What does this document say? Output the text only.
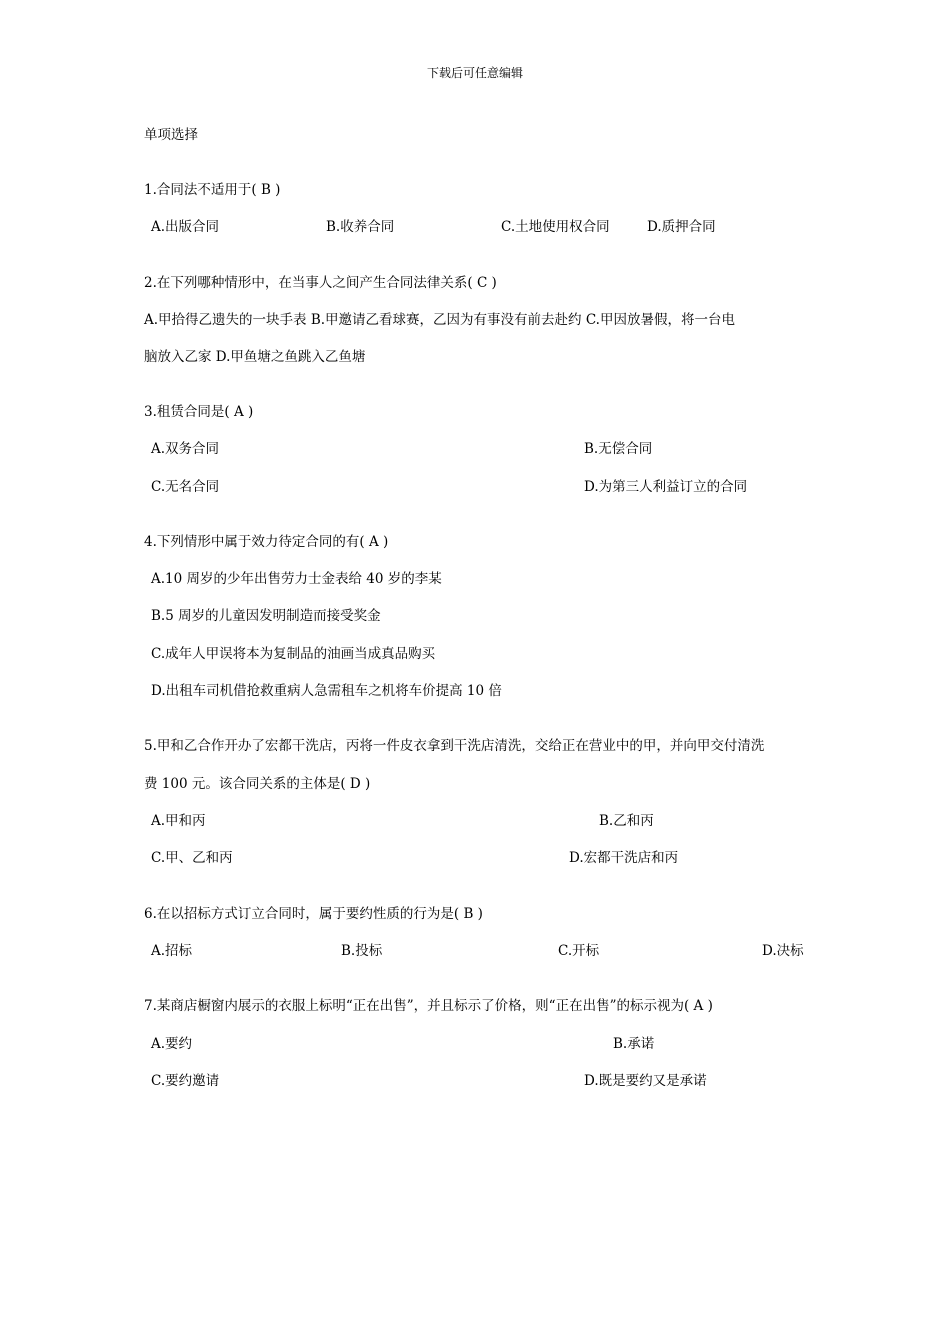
下载后可任意编辑
单项选择
1.合同法不适用于( B )
A.出版合同	B.收养合同	C.土地使用权合同	D.质押合同
2.在下列哪种情形中，在当事人之间产生合同法律关系( C )
A.甲拾得乙遗失的一块手表 B.甲邀请乙看球赛，乙因为有事没有前去赴约 C.甲因放暑假，将一台电
脑放入乙家 D.甲鱼塘之鱼跳入乙鱼塘
3.租赁合同是( A )
A.双务合同	B.无偿合同
C.无名合同	D.为第三人利益订立的合同
4.下列情形中属于效力待定合同的有( A )
A.10 周岁的少年出售劳力士金表给 40 岁的李某
B.5 周岁的儿童因发明制造而接受奖金
C.成年人甲误将本为复制品的油画当成真品购买
D.出租车司机借抢救重病人急需租车之机将车价提高 10 倍
5.甲和乙合作开办了宏都干洗店，丙将一件皮衣拿到干洗店清洗，交给正在营业中的甲，并向甲交付清洗
费 100 元。该合同关系的主体是( D )
A.甲和丙	B.乙和丙
C.甲、乙和丙	D.宏都干洗店和丙
6.在以招标方式订立合同时，属于要约性质的行为是( B )
A.招标	B.投标	C.开标	D.决标
7.某商店橱窗内展示的衣服上标明“正在出售”，并且标示了价格，则“正在出售”的标示视为( A )
A.要约	B.承诺
C.要约邀请	D.既是要约又是承诺
